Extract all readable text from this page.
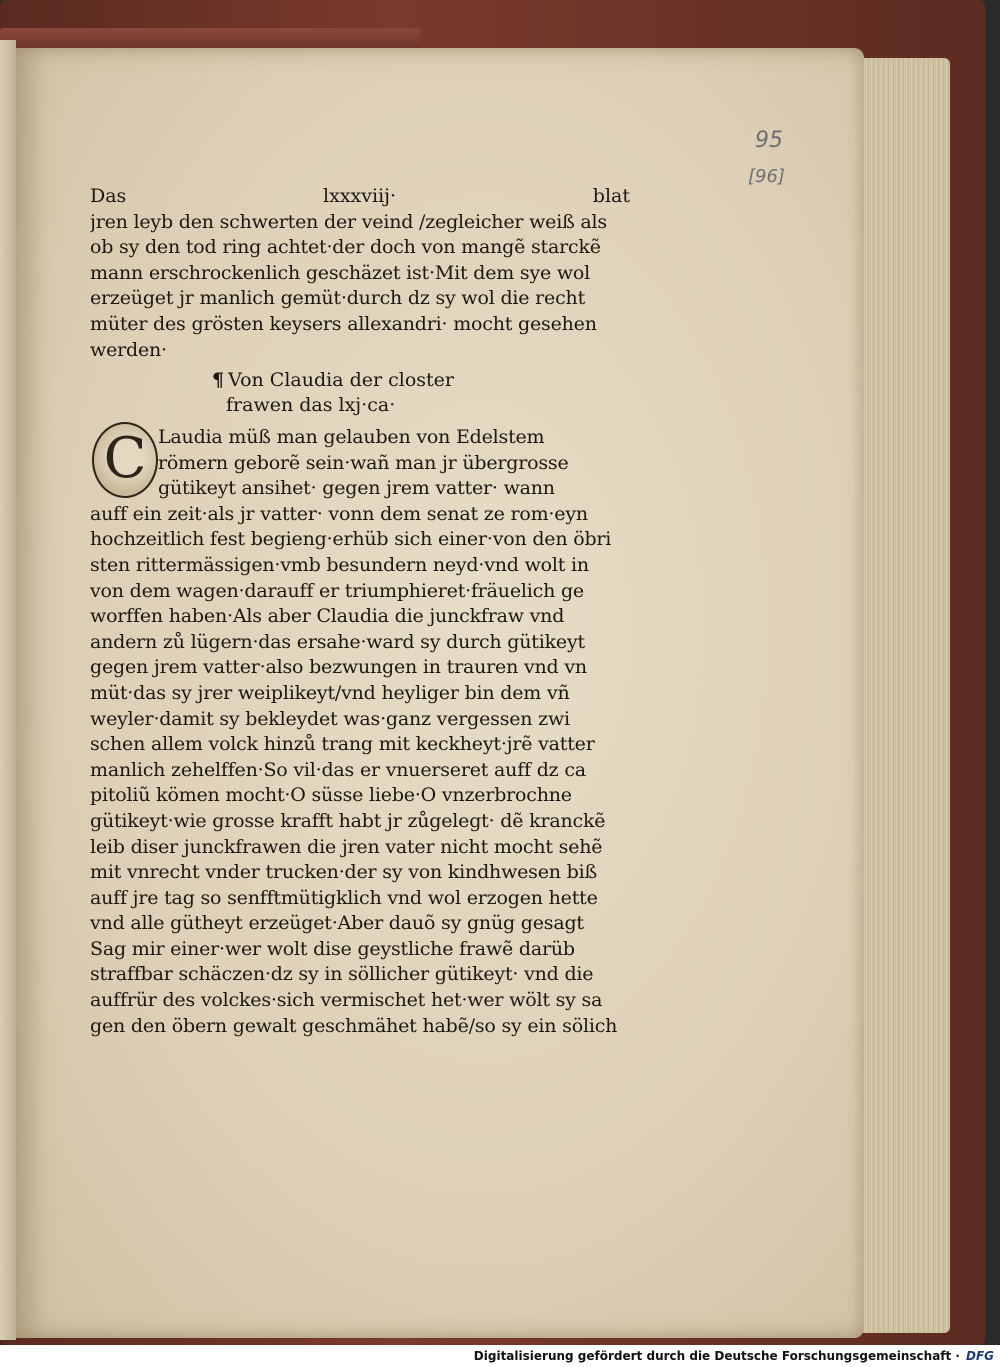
95
[96]
Das	lxxxviij·	blat
jren leyb den schwerten der veind /zegleicher weiß als
ob sy den tod ring achtet·der doch von mangẽ starckẽ
mann erschrockenlich geschäzet ist·Mit dem sye wol
erzeüget jr manlich gemüt·durch dz sy wol die recht
müter des grösten keysers allexandri· mocht gesehen
werden·
¶ Von Claudia der closter
frawen das lxj·ca·
C Laudia müß man gelauben von Edelstem
römern geborẽ sein·wañ man jr übergrosse
gütikeyt ansihet· gegen jrem vatter· wann
auff ein zeit·als jr vatter· vonn dem senat ze rom·eyn
hochzeitlich fest begieng·erhüb sich einer·von den öbri
sten rittermässigen·vmb besundern neyd·vnd wolt in
von dem wagen·darauff er triumphieret·fräuelich ge
worffen haben·Als aber Claudia die junckfraw vnd
andern zů lügern·das ersahe·ward sy durch gütikeyt
gegen jrem vatter·also bezwungen in trauren vnd vn
müt·das sy jrer weiplikeyt/vnd heyliger bin dem vñ
weyler·damit sy bekleydet was·ganz vergessen zwi
schen allem volck hinzů trang mit keckheyt·jrẽ vatter
manlich zehelffen·So vil·das er vnuerseret auff dz ca
pitoliũ kömen mocht·O süsse liebe·O vnzerbrochne
gütikeyt·wie grosse krafft habt jr zůgelegt· dẽ kranckẽ
leib diser junckfrawen die jren vater nicht mocht sehẽ
mit vnrecht vnder trucken·der sy von kindhwesen biß
auff jre tag so senfftmütigklich vnd wol erzogen hette
vnd alle gütheyt erzeüget·Aber dauõ sy gnüg gesagt
Sag mir einer·wer wolt dise geystliche frawẽ darüb
straffbar schäczen·dz sy in söllicher gütikeyt· vnd die
auffrür des volckes·sich vermischet het·wer wölt sy sa
gen den öbern gewalt geschmähet habẽ/so sy ein sölich
Digitalisierung gefördert durch die Deutsche Forschungsgemeinschaft · DFG
